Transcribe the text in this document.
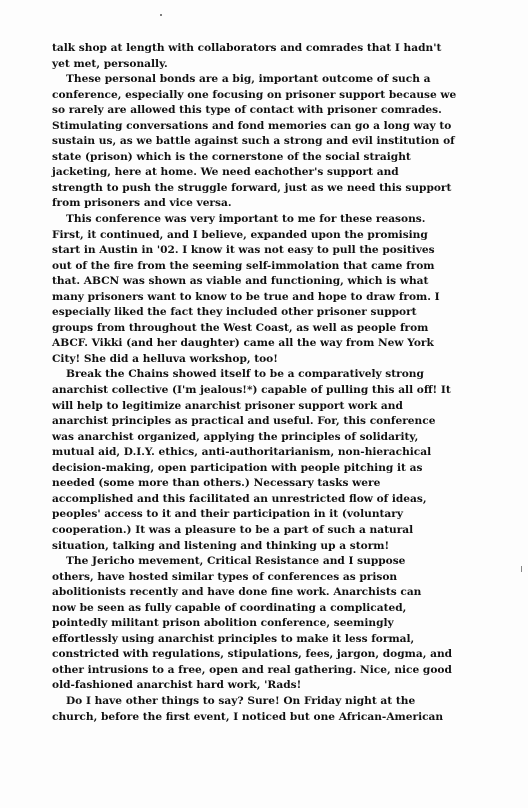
talk shop at length with collaborators and comrades that I hadn't
yet met, personally.
These personal bonds are a big, important outcome of such a
conference, especially one focusing on prisoner support because we
so rarely are allowed this type of contact with prisoner comrades.
Stimulating conversations and fond memories can go a long way to
sustain us, as we battle against such a strong and evil institution of
state (prison) which is the cornerstone of the social straight
jacketing, here at home. We need eachother's support and
strength to push the struggle forward, just as we need this support
from prisoners and vice versa.
This conference was very important to me for these reasons.
First, it continued, and I believe, expanded upon the promising
start in Austin in '02. I know it was not easy to pull the positives
out of the fire from the seeming self-immolation that came from
that. ABCN was shown as viable and functioning, which is what
many prisoners want to know to be true and hope to draw from. I
especially liked the fact they included other prisoner support
groups from throughout the West Coast, as well as people from
ABCF. Vikki (and her daughter) came all the way from New York
City! She did a helluva workshop, too!
Break the Chains showed itself to be a comparatively strong
anarchist collective (I'm jealous!*) capable of pulling this all off! It
will help to legitimize anarchist prisoner support work and
anarchist principles as practical and useful. For, this conference
was anarchist organized, applying the principles of solidarity,
mutual aid, D.I.Y. ethics, anti-authoritarianism, non-hierachical
decision-making, open participation with people pitching it as
needed (some more than others.) Necessary tasks were
accomplished and this facilitated an unrestricted flow of ideas,
peoples' access to it and their participation in it (voluntary
cooperation.) It was a pleasure to be a part of such a natural
situation, talking and listening and thinking up a storm!
The Jericho mevement, Critical Resistance and I suppose
others, have hosted similar types of conferences as prison
abolitionists recently and have done fine work. Anarchists can
now be seen as fully capable of coordinating a complicated,
pointedly militant prison abolition conference, seemingly
effortlessly using anarchist principles to make it less formal,
constricted with regulations, stipulations, fees, jargon, dogma, and
other intrusions to a free, open and real gathering. Nice, nice good
old-fashioned anarchist hard work, 'Rads!
Do I have other things to say? Sure! On Friday night at the
church, before the first event, I noticed but one African-American
